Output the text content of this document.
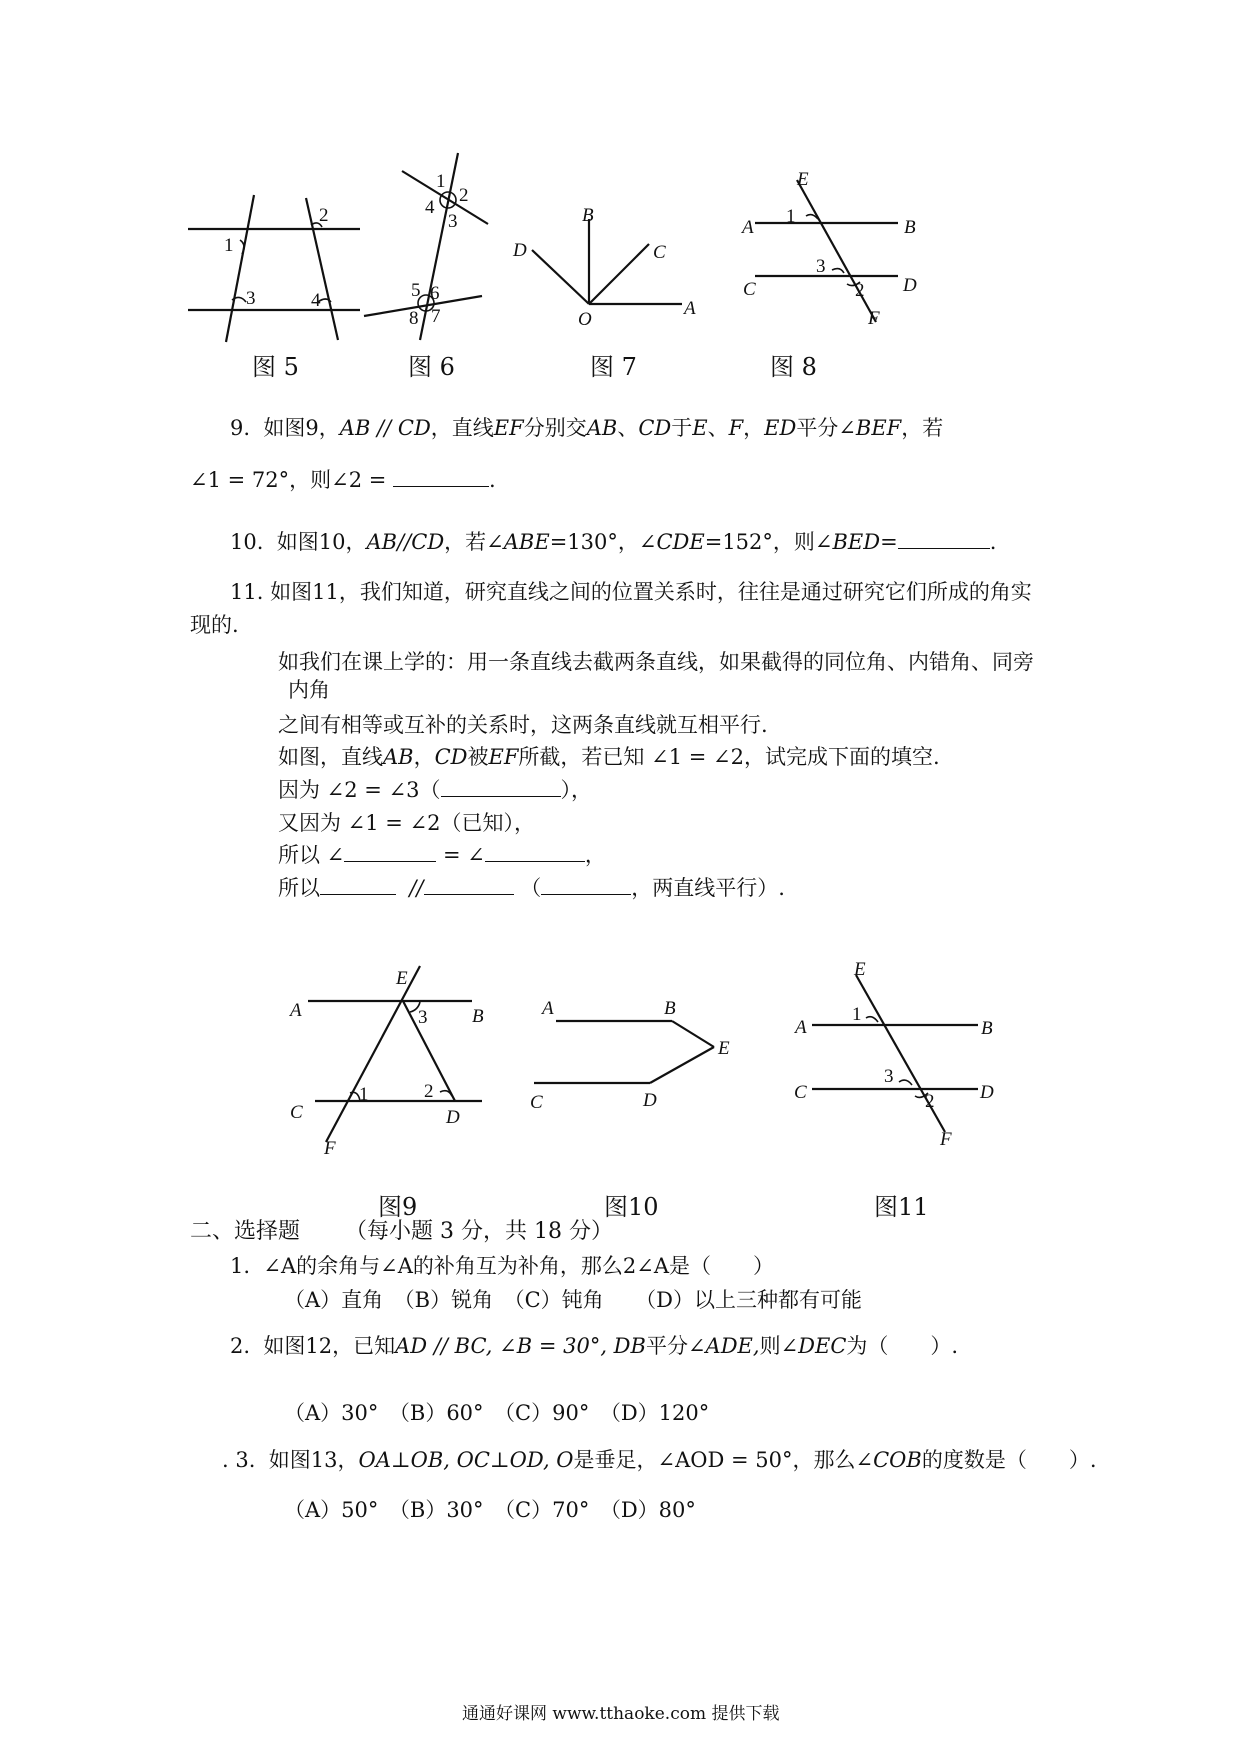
1
2
3	4
1
2
3
4
5 6
7
8
B
C
D
O
A
E
A
1
B
3
C	2 D
F
图 5	图 6	图 7	图 8
9. 如图9，AB // CD，直线EF分别交AB、CD于E、F，ED平分∠BEF，若
∠1 = 72°，则∠2 =	.
10. 如图10，AB//CD，若∠ABE=130°，∠CDE=152°，则∠BED=	.
11. 如图11，我们知道，研究直线之间的位置关系时，往往是通过研究它们所成的角实
现的.
如我们在课上学的：用一条直线去截两条直线，如果截得的同位角、内错角、同旁
内角
之间有相等或互补的关系时，这两条直线就互相平行.
如图，直线AB，CD被EF所截，若已知 ∠1 = ∠2，试完成下面的填空.
因为 ∠2 = ∠3（	），
又因为 ∠1 = ∠2（已知），
所以 ∠	= ∠	，
所以	//	（	，两直线平行）.
E
A	3 B
C
1	2
D
F
A	B
E
C	D
E
A
1
B
C
3
2 D
F
图9	图10	图11
二、选择题 （每小题 3 分，共 18 分）
1. ∠A的余角与∠A的补角互为补角，那么2∠A是（　　）
（A）直角　（B）锐角　（C）钝角　　（D）以上三种都有可能
2. 如图12，已知AD // BC, ∠B = 30°, DB平分∠ADE,则∠DEC为（　　）.
（A）30°　（B）60°　（C）90°　（D）120°
. 3. 如图13，OA⊥OB, OC⊥OD, O是垂足，∠AOD = 50°，那么∠COB的度数是（　　）.
（A）50°　（B）30°　（C）70°　（D）80°
通通好课网 www.tthaoke.com 提供下载
